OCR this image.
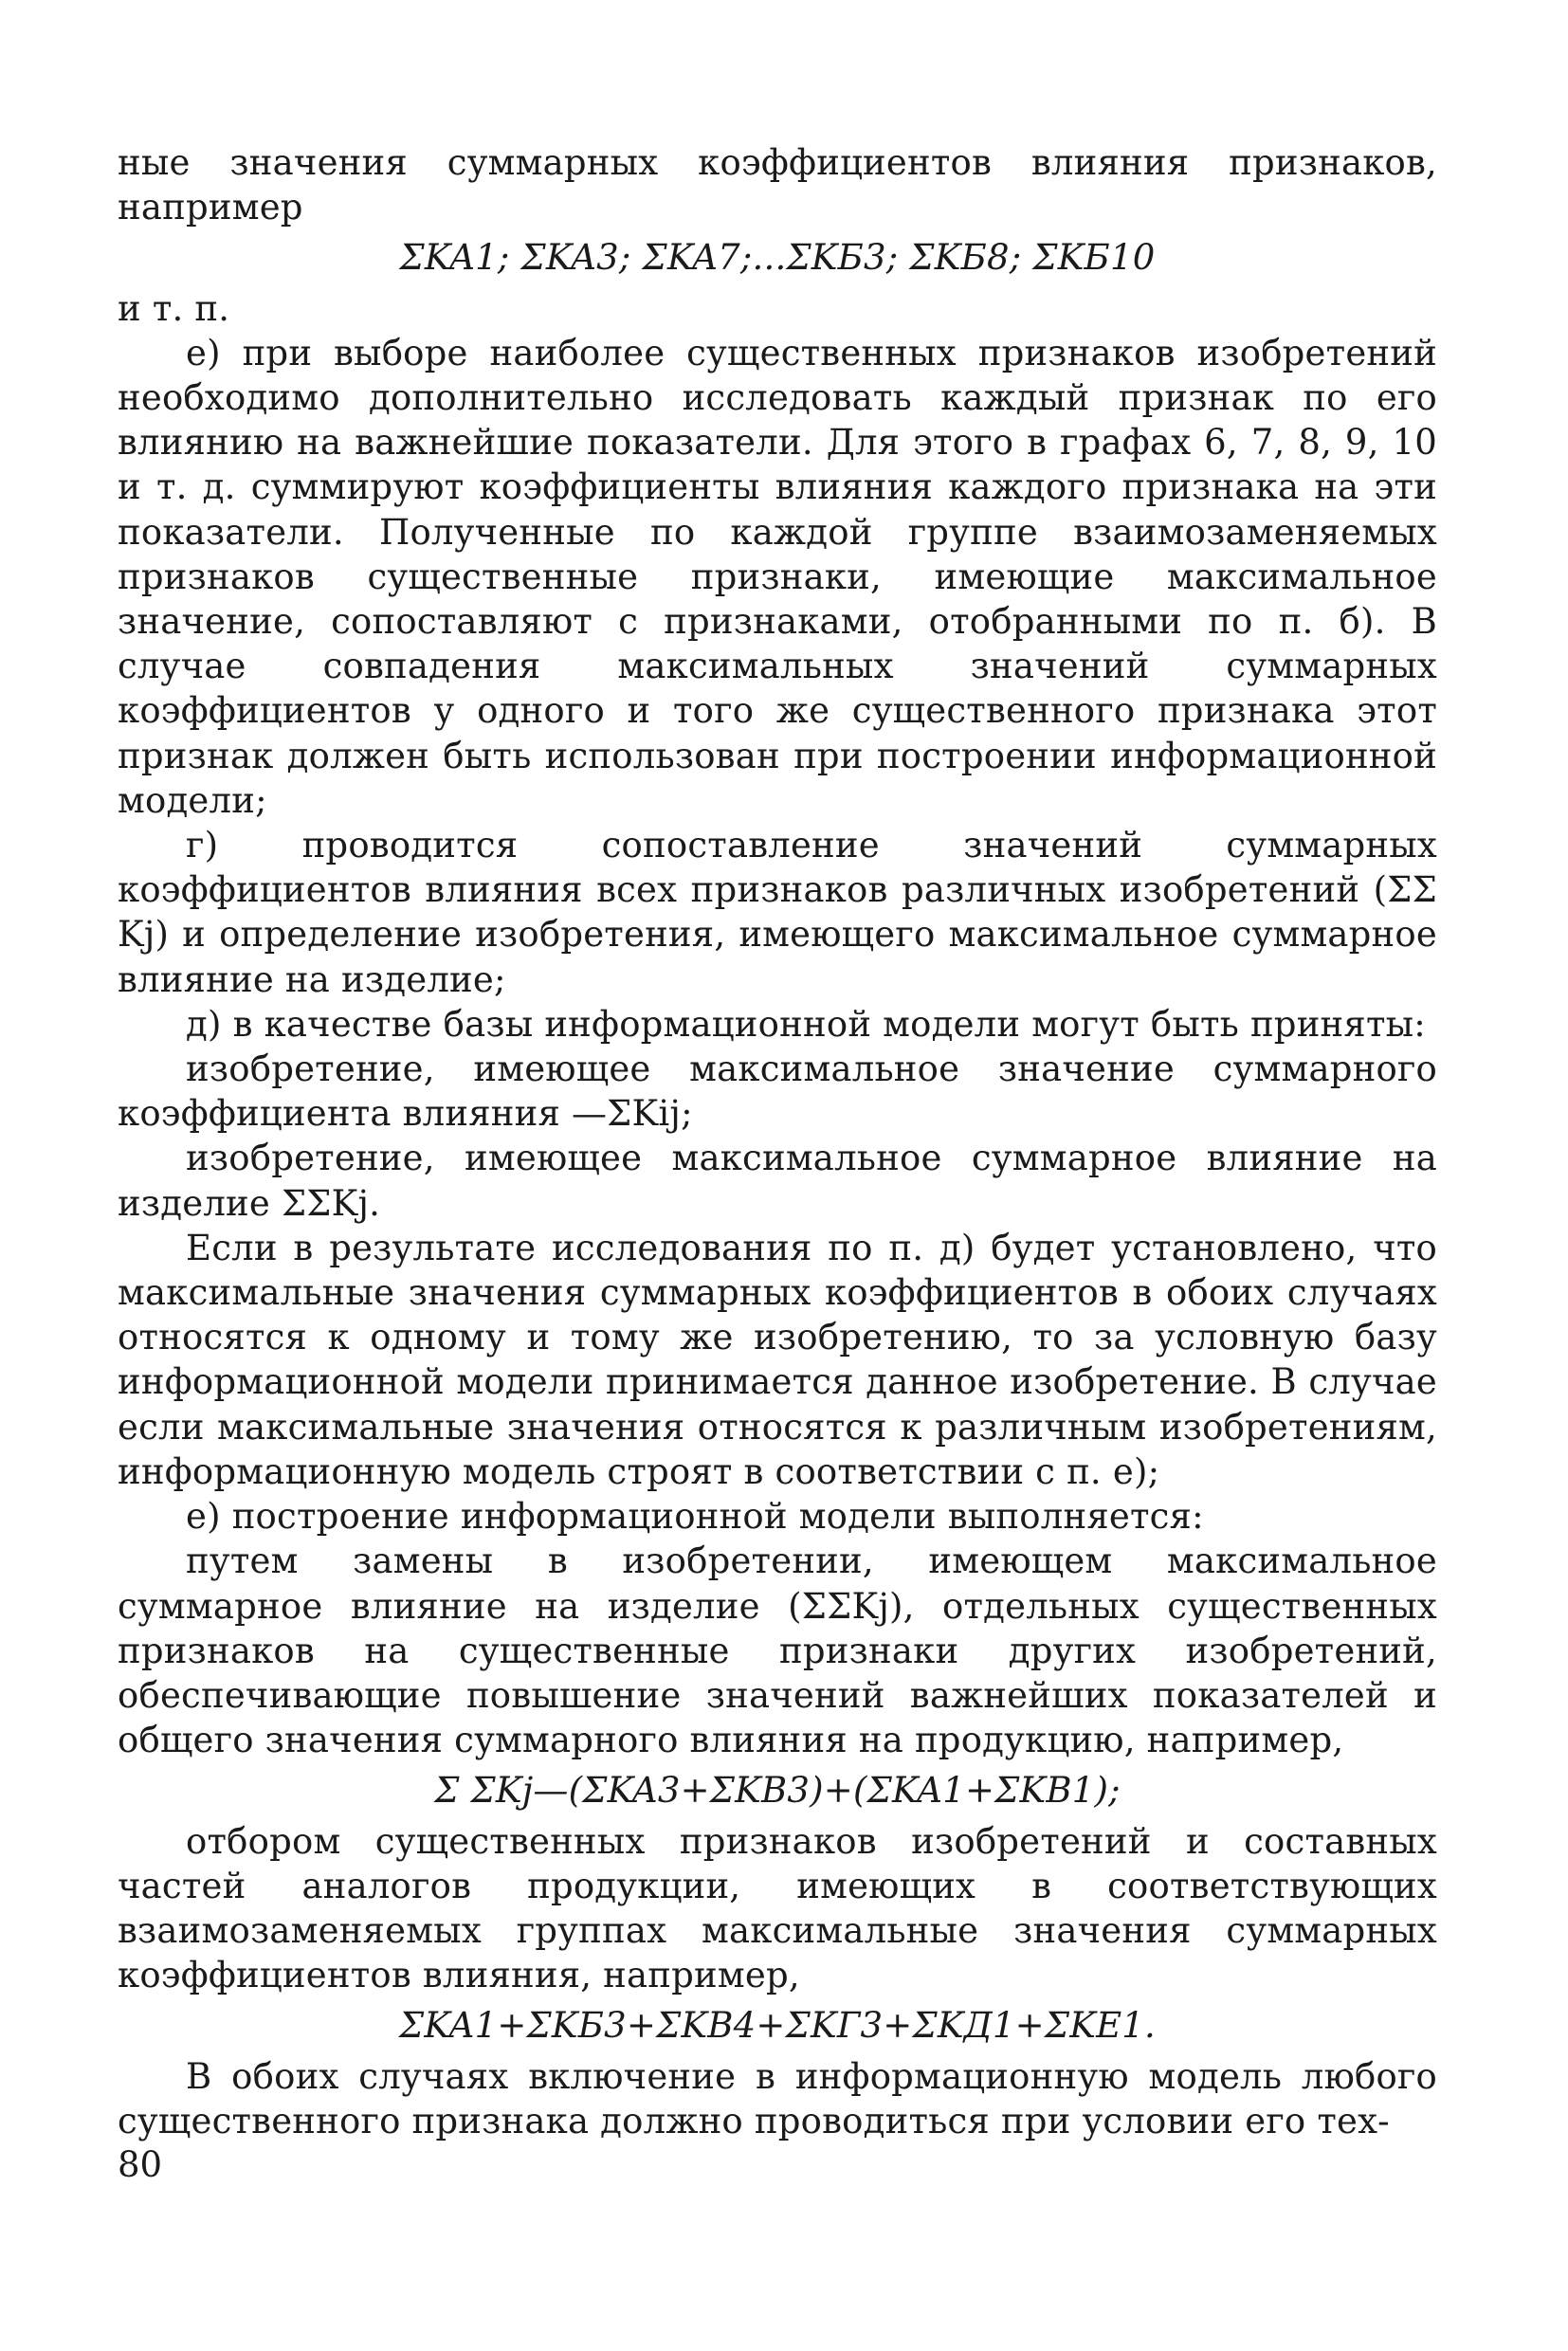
ные значения суммарных коэффициентов влияния признаков, например

ΣKA1; ΣKA3; ΣKA7;...ΣKБ3; ΣKБ8; ΣKБ10

и т. п.

е) при выборе наиболее существенных признаков изобретений необходимо дополнительно исследовать каждый признак по его влиянию на важнейшие показатели. Для этого в графах 6, 7, 8, 9, 10 и т. д. суммируют коэффициенты влияния каждого признака на эти показатели. Полученные по каждой группе взаимозаменяемых признаков существенные признаки, имеющие максимальное значение, сопоставляют с признаками, отобранными по п. б). В случае совпадения максимальных значений суммарных коэффициентов у одного и того же существенного признака этот признак должен быть использован при построении информационной модели;

г) проводится сопоставление значений суммарных коэффициентов влияния всех признаков различных изобретений (ΣΣ Kj) и определение изобретения, имеющего максимальное суммарное влияние на изделие;

д) в качестве базы информационной модели могут быть приняты:

изобретение, имеющее максимальное значение суммарного коэффициента влияния —ΣKij;

изобретение, имеющее максимальное суммарное влияние на изделие ΣΣKj.

Если в результате исследования по п. д) будет установлено, что максимальные значения суммарных коэффициентов в обоих случаях относятся к одному и тому же изобретению, то за условную базу информационной модели принимается данное изобретение. В случае если максимальные значения относятся к различным изобретениям, информационную модель строят в соответствии с п. е);

е) построение информационной модели выполняется:

путем замены в изобретении, имеющем максимальное суммарное влияние на изделие (ΣΣKj), отдельных существенных признаков на существенные признаки других изобретений, обеспечивающие повышение значений важнейших показателей и общего значения суммарного влияния на продукцию, например,

Σ ΣKj—(ΣKA3+ΣKB3)+(ΣKA1+ΣKB1);

отбором существенных признаков изобретений и составных частей аналогов продукции, имеющих в соответствующих взаимозаменяемых группах максимальные значения суммарных коэффициентов влияния, например,

ΣKA1+ΣKБ3+ΣKB4+ΣKГ3+ΣKД1+ΣKE1.

В обоих случаях включение в информационную модель любого существенного признака должно проводиться при условии его тех-

80
